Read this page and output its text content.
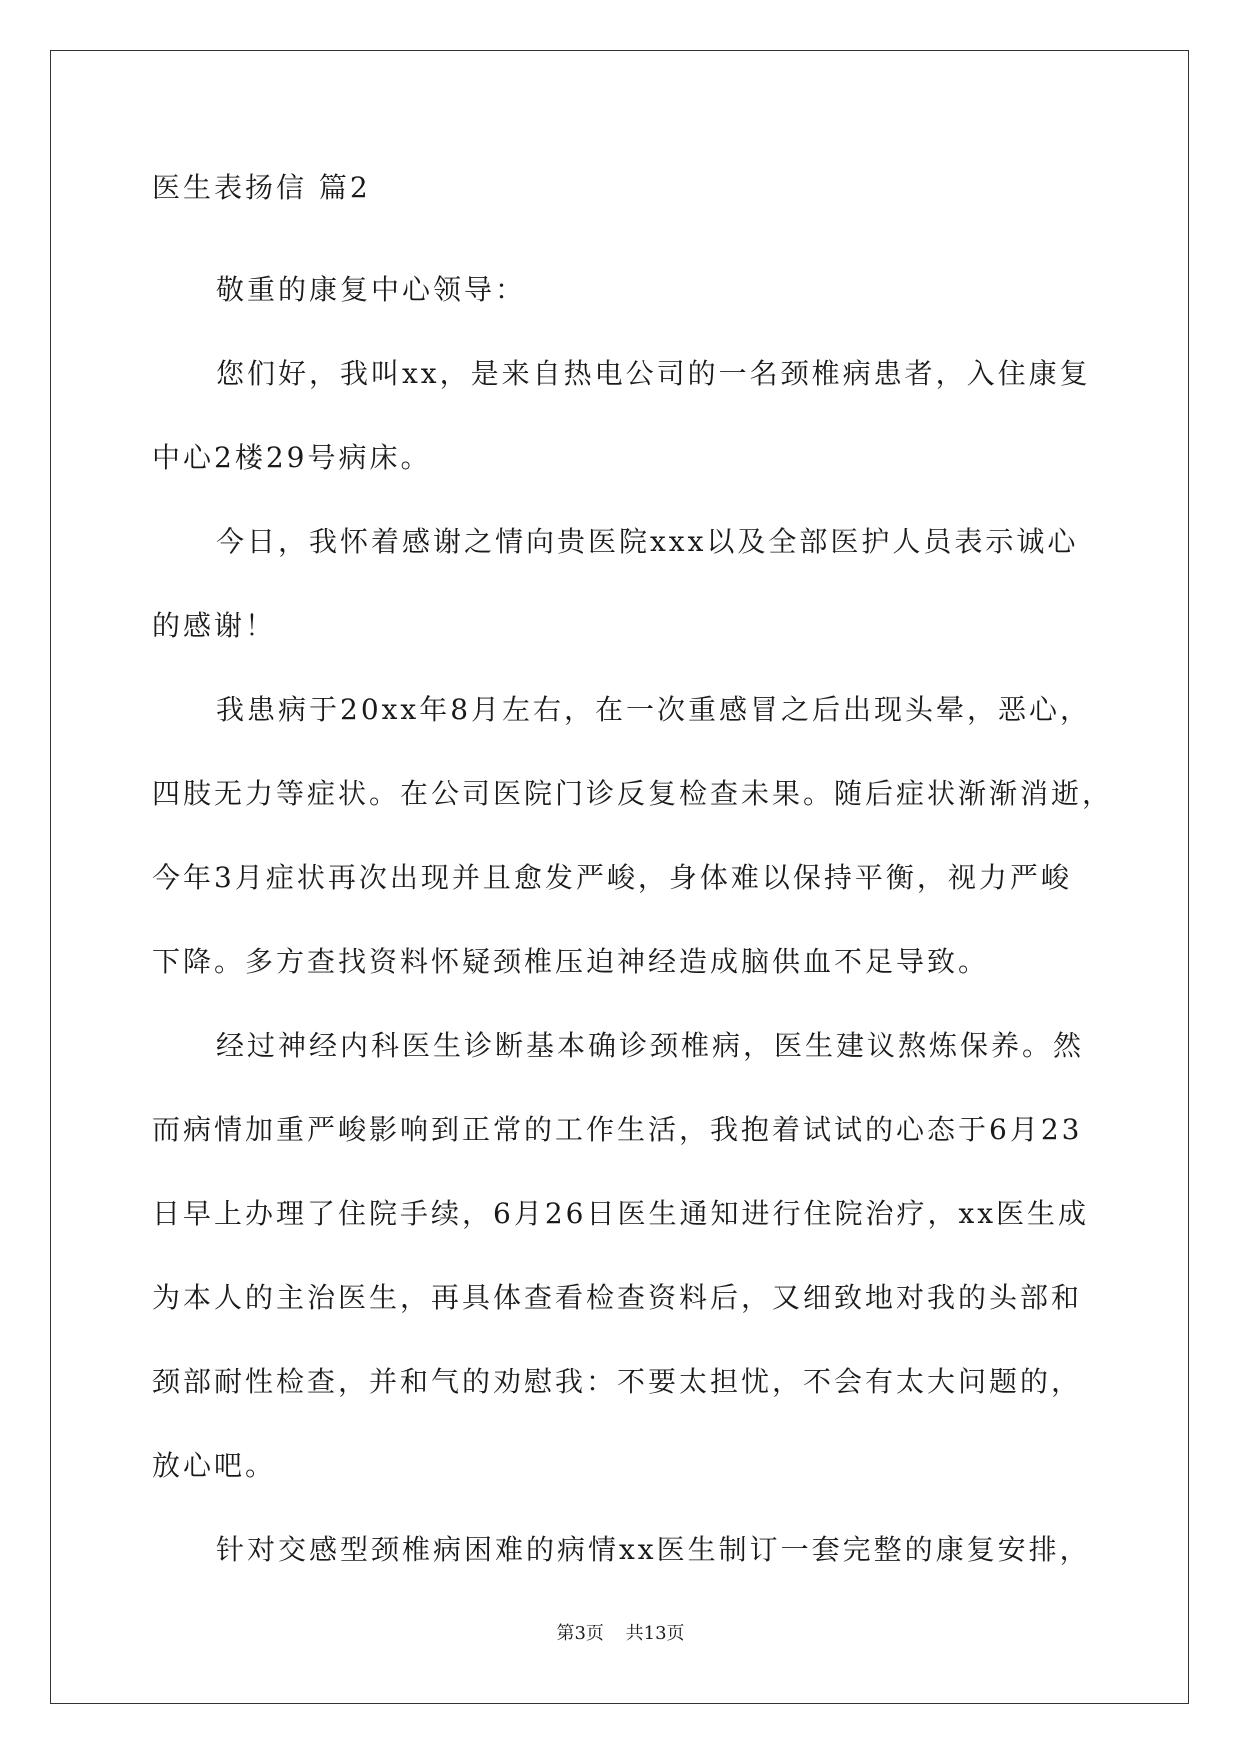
医生表扬信 篇2

敬重的康复中心领导：

您们好，我叫xx，是来自热电公司的一名颈椎病患者，入住康复
中心2楼29号病床。

今日，我怀着感谢之情向贵医院xxx以及全部医护人员表示诚心
的感谢！

我患病于20xx年8月左右，在一次重感冒之后出现头晕，恶心，
四肢无力等症状。在公司医院门诊反复检查未果。随后症状渐渐消逝，
今年3月症状再次出现并且愈发严峻，身体难以保持平衡，视力严峻
下降。多方查找资料怀疑颈椎压迫神经造成脑供血不足导致。

经过神经内科医生诊断基本确诊颈椎病，医生建议熬炼保养。然
而病情加重严峻影响到正常的工作生活，我抱着试试的心态于6月23
日早上办理了住院手续，6月26日医生通知进行住院治疗，xx医生成
为本人的主治医生，再具体查看检查资料后，又细致地对我的头部和
颈部耐性检查，并和气的劝慰我：不要太担忧，不会有太大问题的，
放心吧。

针对交感型颈椎病困难的病情xx医生制订一套完整的康复安排，

第3页 共13页
